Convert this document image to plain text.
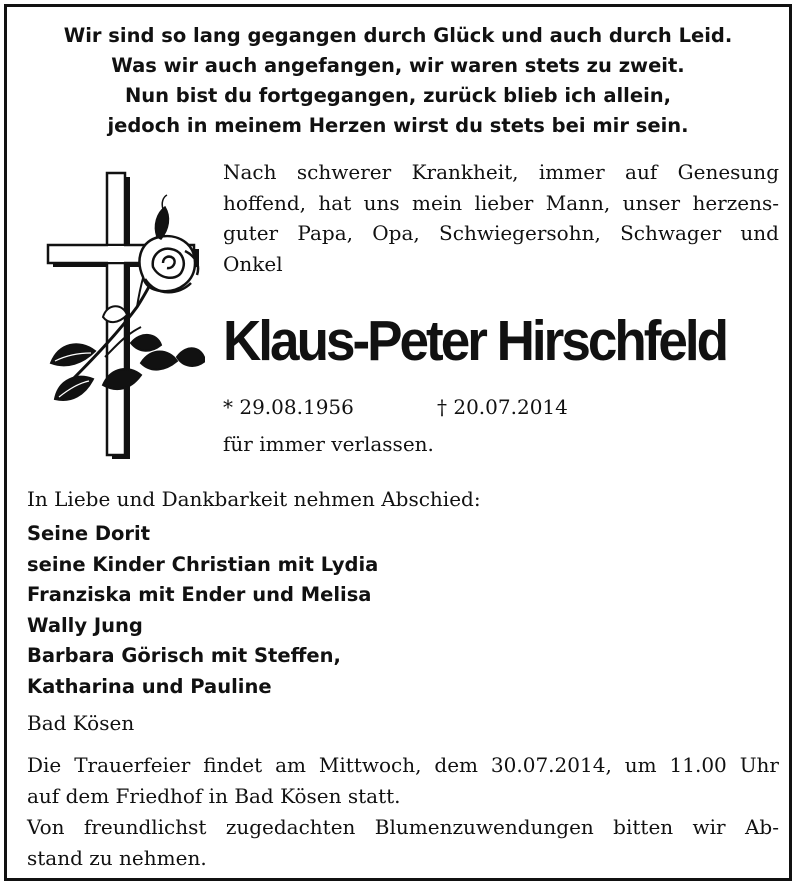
Wir sind so lang gegangen durch Glück und auch durch Leid.
Was wir auch angefangen, wir waren stets zu zweit.
Nun bist du fortgegangen, zurück blieb ich allein,
jedoch in meinem Herzen wirst du stets bei mir sein.
Nach schwerer Krankheit, immer auf Genesung
hoffend, hat uns mein lieber Mann, unser herzens-
guter Papa, Opa, Schwiegersohn, Schwager und
Onkel
Klaus-Peter Hirschfeld
* 29.08.1956	† 20.07.2014
für immer verlassen.
In Liebe und Dankbarkeit nehmen Abschied:
Seine Dorit
seine Kinder Christian mit Lydia
Franziska mit Ender und Melisa
Wally Jung
Barbara Görisch mit Steffen,
Katharina und Pauline
Bad Kösen
Die Trauerfeier findet am Mittwoch, dem 30.07.2014, um 11.00 Uhr
auf dem Friedhof in Bad Kösen statt.
Von freundlichst zugedachten Blumenzuwendungen bitten wir Ab-
stand zu nehmen.
